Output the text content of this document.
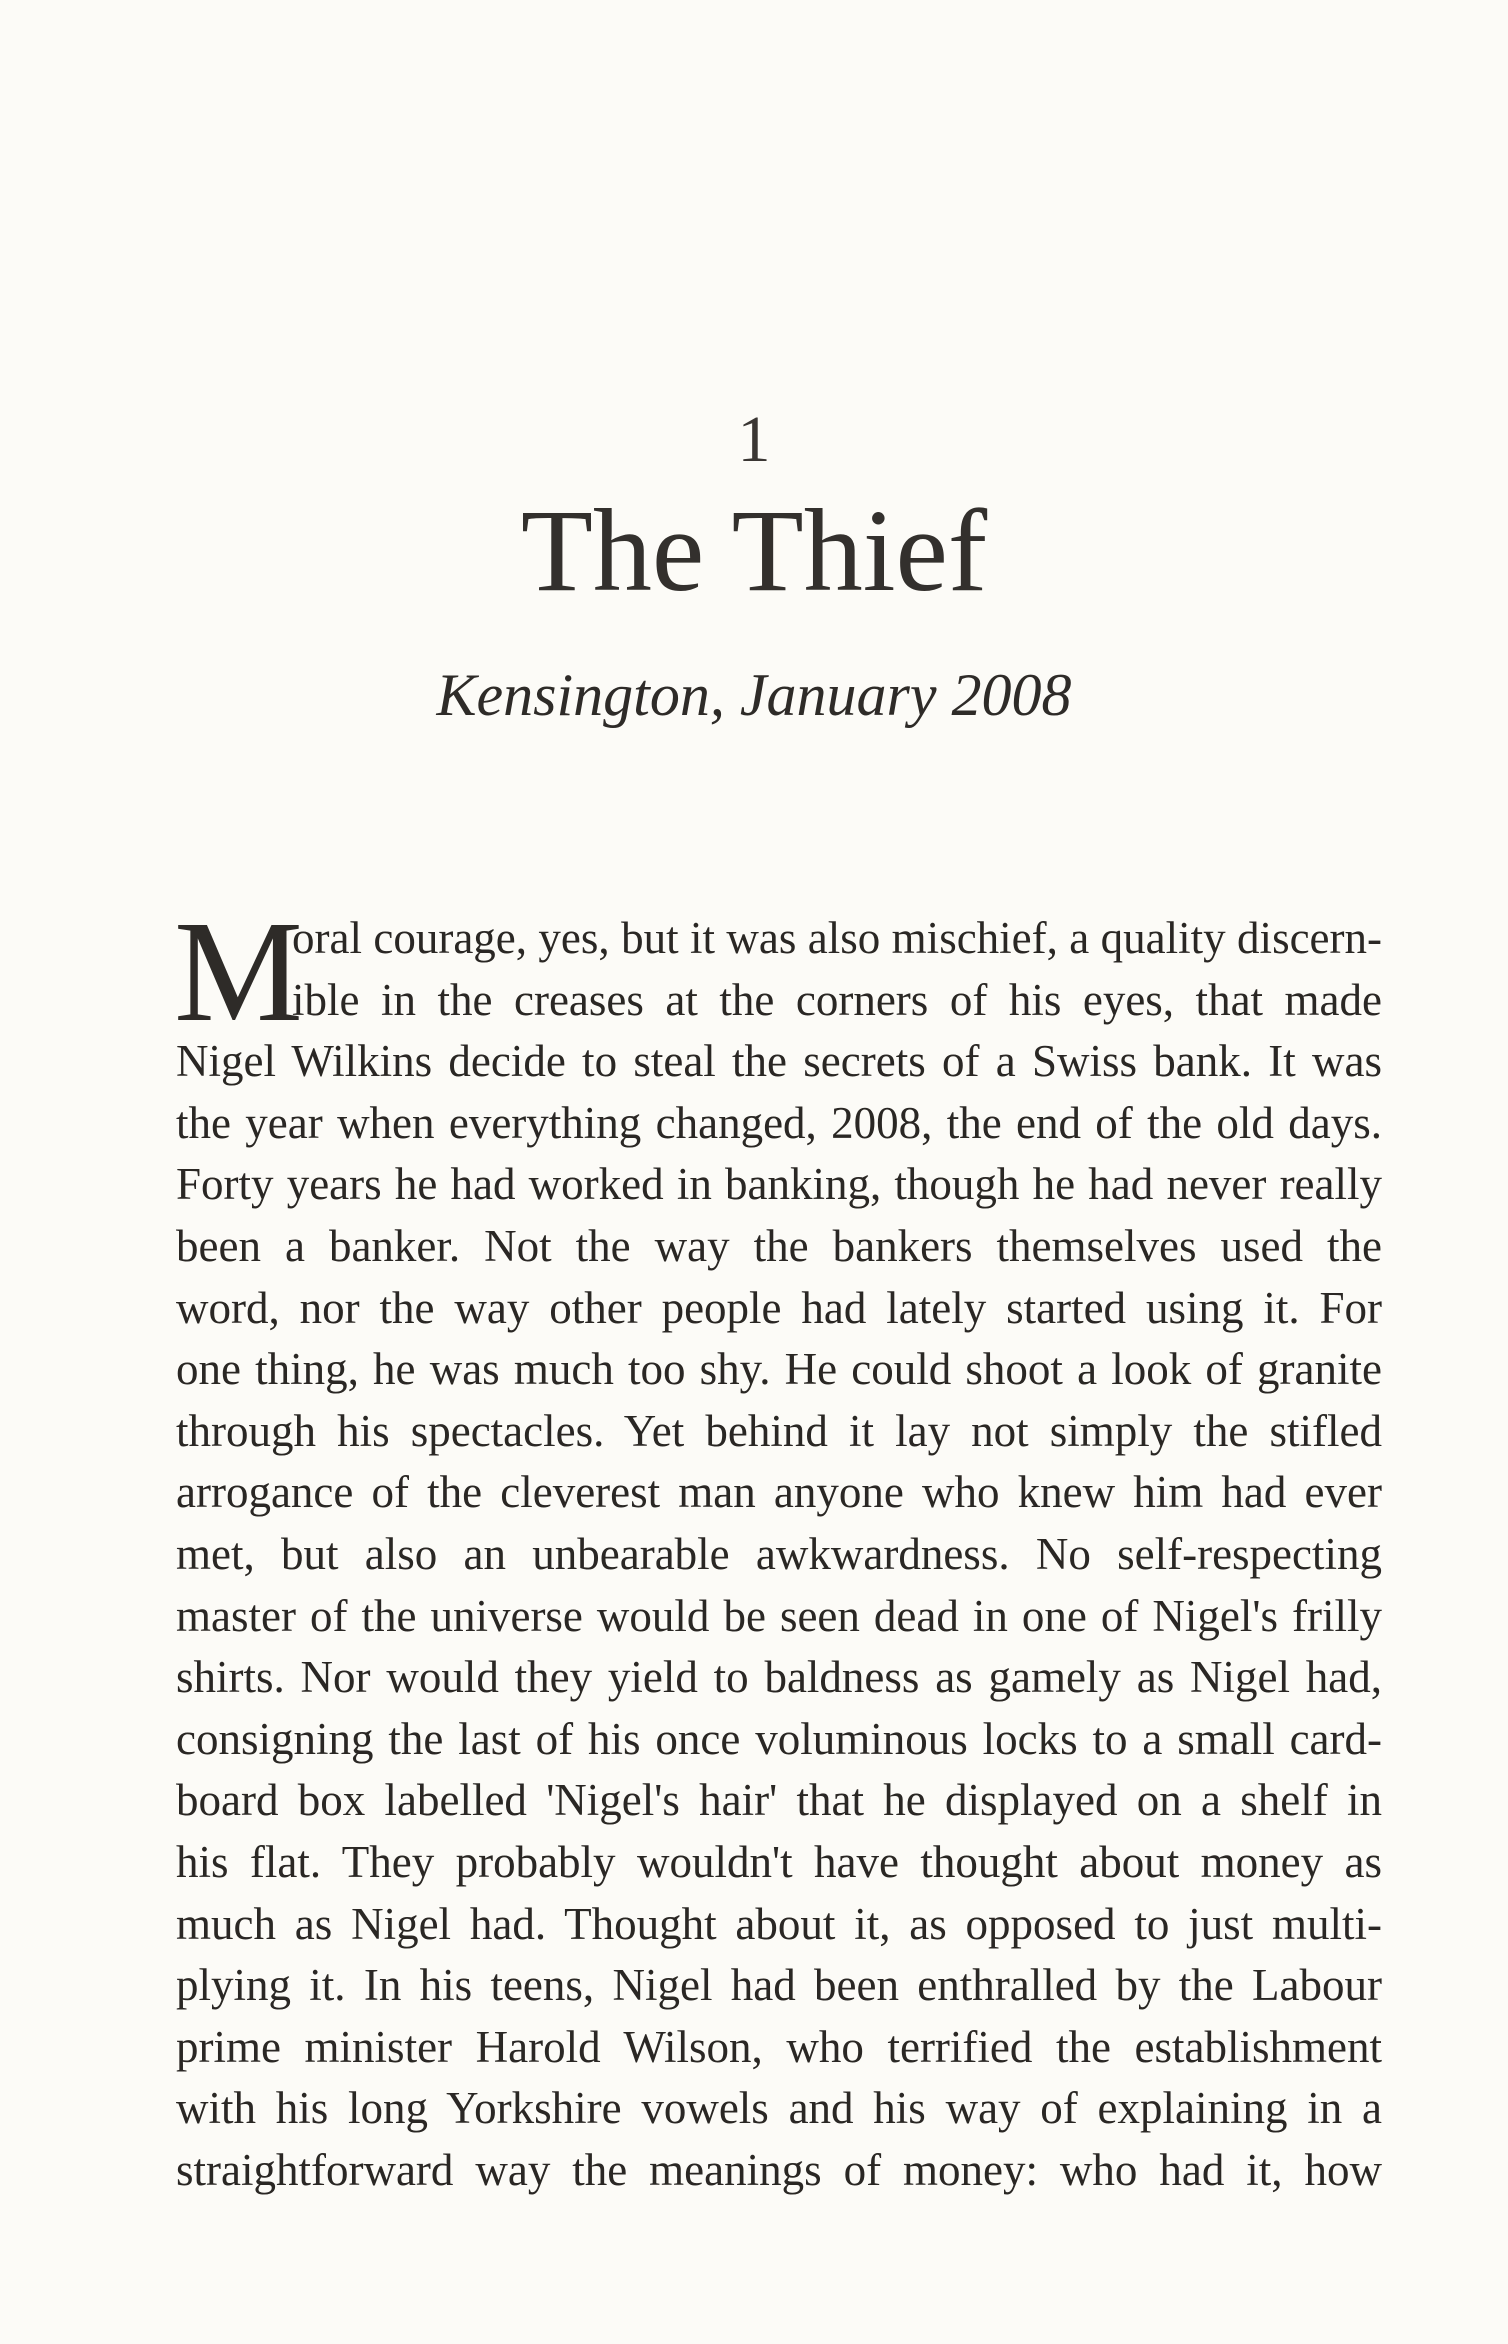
1
The Thief
Kensington, January 2008
M
oral courage, yes, but it was also mischief, a quality discern-
ible in the creases at the corners of his eyes, that made
Nigel Wilkins decide to steal the secrets of a Swiss bank. It was
the year when everything changed, 2008, the end of the old days.
Forty years he had worked in banking, though he had never really
been a banker. Not the way the bankers themselves used the
word, nor the way other people had lately started using it. For
one thing, he was much too shy. He could shoot a look of granite
through his spectacles. Yet behind it lay not simply the stifled
arrogance of the cleverest man anyone who knew him had ever
met, but also an unbearable awkwardness. No self-respecting
master of the universe would be seen dead in one of Nigel's frilly
shirts. Nor would they yield to baldness as gamely as Nigel had,
consigning the last of his once voluminous locks to a small card-
board box labelled 'Nigel's hair' that he displayed on a shelf in
his flat. They probably wouldn't have thought about money as
much as Nigel had. Thought about it, as opposed to just multi-
plying it. In his teens, Nigel had been enthralled by the Labour
prime minister Harold Wilson, who terrified the establishment
with his long Yorkshire vowels and his way of explaining in a
straightforward way the meanings of money: who had it, how
